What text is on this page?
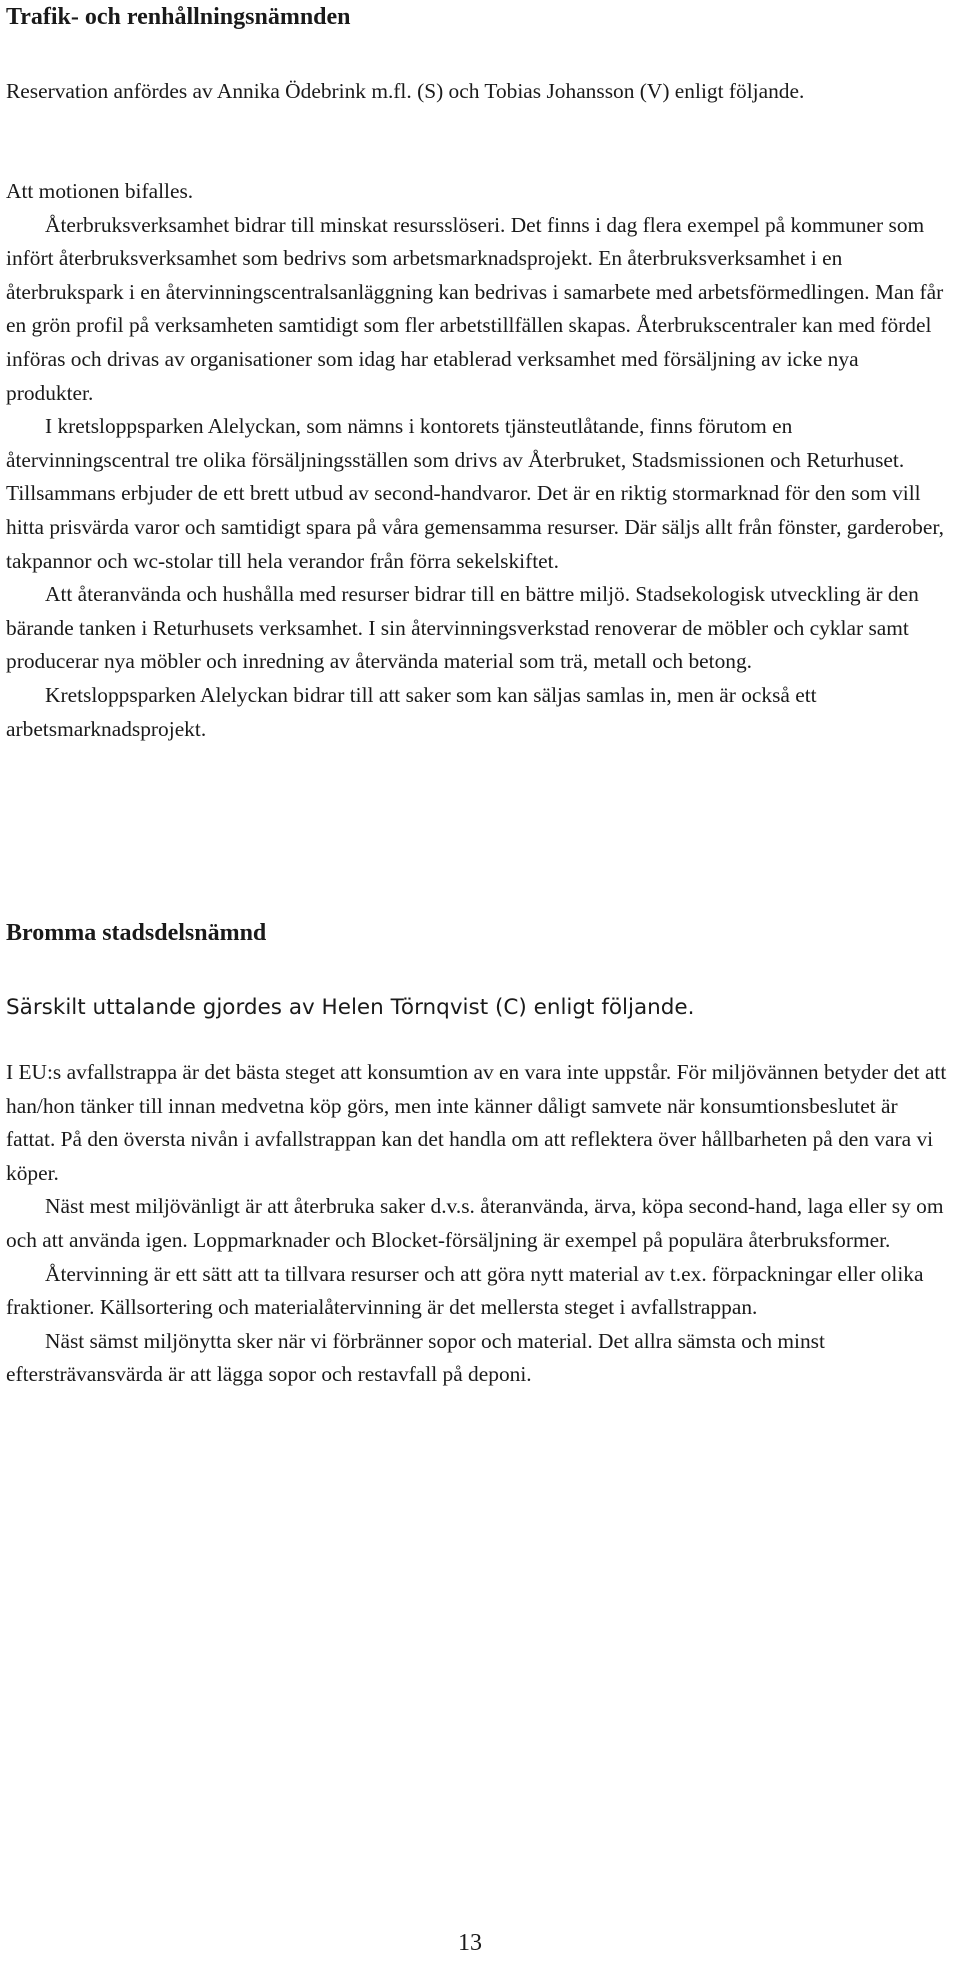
Trafik- och renhållningsnämnden

Reservation anfördes av Annika Ödebrink m.fl. (S) och Tobias Johansson (V) enligt följande.

Att motionen bifalles.

Återbruksverksamhet bidrar till minskat resursslöseri. Det finns i dag flera exempel på kommuner som infört återbruksverksamhet som bedrivs som arbetsmarknadsprojekt. En återbruksverksamhet i en återbrukspark i en återvinningscentralsanläggning kan bedrivas i samarbete med arbetsförmedlingen. Man får en grön profil på verksamheten samtidigt som fler arbetstillfällen skapas. Återbrukscentraler kan med fördel införas och drivas av organisationer som idag har etablerad verksamhet med försäljning av icke nya produkter.

I kretsloppsparken Alelyckan, som nämns i kontorets tjänsteutlåtande, finns förutom en återvinningscentral tre olika försäljningsställen som drivs av Återbruket, Stadsmissionen och Returhuset. Tillsammans erbjuder de ett brett utbud av second-handvaror. Det är en riktig stormarknad för den som vill hitta prisvärda varor och samtidigt spara på våra gemensamma resurser. Där säljs allt från fönster, garderober, takpannor och wc-stolar till hela verandor från förra sekelskiftet.

Att återanvända och hushålla med resurser bidrar till en bättre miljö. Stadsekologisk utveckling är den bärande tanken i Returhusets verksamhet. I sin återvinningsverkstad renoverar de möbler och cyklar samt producerar nya möbler och inredning av återvända material som trä, metall och betong.

Kretsloppsparken Alelyckan bidrar till att saker som kan säljas samlas in, men är också ett arbetsmarknadsprojekt.

Bromma stadsdelsnämnd
Särskilt uttalande gjordes av Helen Törnqvist (C) enligt följande.

I EU:s avfallstrappa är det bästa steget att konsumtion av en vara inte uppstår. För miljövännen betyder det att han/hon tänker till innan medvetna köp görs, men inte känner dåligt samvete när konsumtionsbeslutet är fattat. På den översta nivån i avfallstrappan kan det handla om att reflektera över hållbarheten på den vara vi köper.

Näst mest miljövänligt är att återbruka saker d.v.s. återanvända, ärva, köpa second-hand, laga eller sy om och att använda igen. Loppmarknader och Blocket-försäljning är exempel på populära återbruksformer.

Återvinning är ett sätt att ta tillvara resurser och att göra nytt material av t.ex. förpackningar eller olika fraktioner. Källsortering och materialåtervinning är det mellersta steget i avfallstrappan.

Näst sämst miljönytta sker när vi förbränner sopor och material. Det allra sämsta och minst eftersträvansvärda är att lägga sopor och restavfall på deponi.

13
